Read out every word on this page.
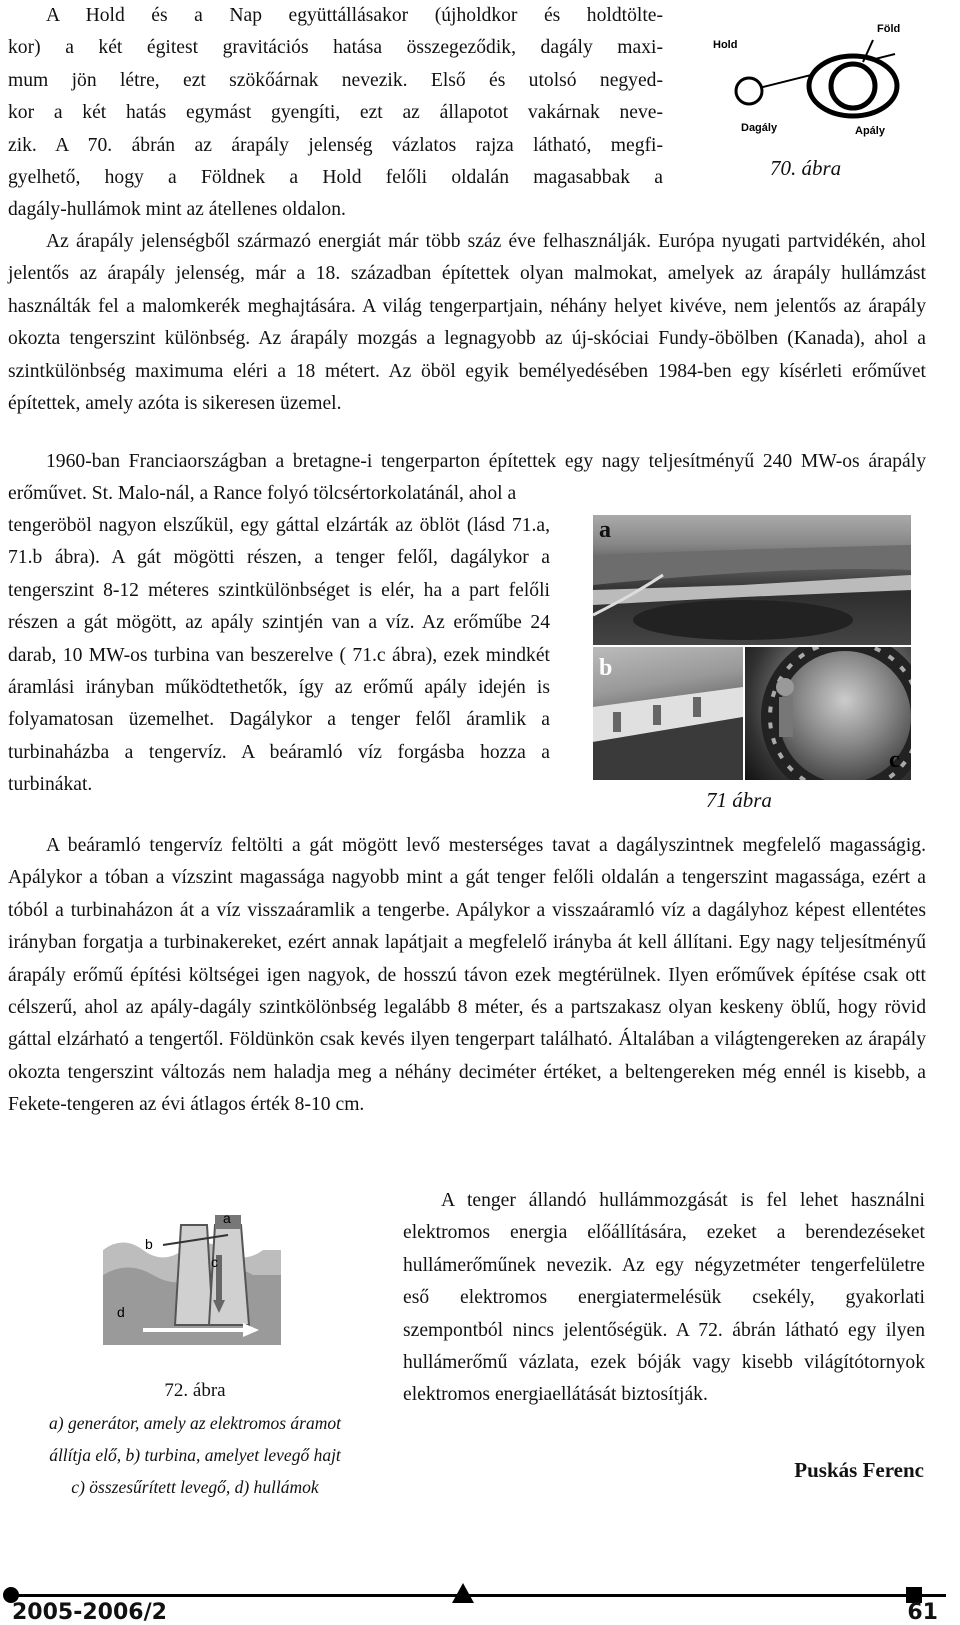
A Hold és a Nap együttállásakor (újholdkor és holdtölte-
kor) a két égitest gravitációs hatása összegeződik, dagály maxi-
mum jön létre, ezt szökőárnak nevezik. Első és utolsó negyed-
kor a két hatás egymást gyengíti, ezt az állapotot vakárnak neve-
zik. A 70. ábrán az árapály jelenség vázlatos rajza látható, megfi-
gyelhető, hogy a Földnek a Hold felőli oldalán magasabbak a
dagály-hullámok mint az átellenes oldalon.
Hold
Föld
Dagály	Apály
70. ábra

Az árapály jelenségből származó energiát már több száz éve felhasználják. Európa nyugati partvidékén, ahol jelentős az árapály jelenség, már a 18. században építettek olyan malmokat, amelyek az árapály hullámzást használták fel a malomkerék meghajtására. A világ tengerpartjain, néhány helyet kivéve, nem jelentős az árapály okozta tengerszint különbség. Az árapály mozgás a legnagyobb az új-skóciai Fundy-öbölben (Kanada), ahol a szintkülönbség maximuma eléri a 18 métert. Az öböl egyik bemélyedésében 1984-ben egy kísérleti erőművet építettek, amely azóta is sikeresen üzemel.

1960-ban Franciaországban a bretagne-i tengerparton építettek egy nagy teljesítményű 240 MW-os árapály erőművet. St. Malo-nál, a Rance folyó tölcsértorkolatánál, ahol a

tengeröböl nagyon elszűkül, egy gáttal elzárták az öblöt (lásd 71.a, 71.b ábra). A gát mögötti részen, a tenger felől, dagálykor a tengerszint 8-12 méteres szintkülönbséget is elér, ha a part felőli részen a gát mögött, az apály szintjén van a víz. Az erőműbe 24 darab, 10 MW-os turbina van beszerelve ( 71.c ábra), ezek mindkét áramlási irányban működtethetők, így az erőmű apály idején is folyamatosan üzemelhet. Dagálykor a tenger felől áramlik a turbinaházba a tengervíz. A beáramló víz forgásba hozza a turbinákat.

a
b
c
71 ábra

A beáramló tengervíz feltölti a gát mögött levő mesterséges tavat a dagályszintnek megfelelő magasságig. Apálykor a tóban a vízszint magassága nagyobb mint a gát tenger felőli oldalán a tengerszint magassága, ezért a tóból a turbinaházon át a víz visszaáramlik a tengerbe. Apálykor a visszaáramló víz a dagályhoz képest ellentétes irányban forgatja a turbinakereket, ezért annak lapátjait a megfelelő irányba át kell állítani. Egy nagy teljesítményű árapály erőmű építési költségei igen nagyok, de hosszú távon ezek megtérülnek. Ilyen erőművek építése csak ott célszerű, ahol az apály-dagály szintkölönbség legalább 8 méter, és a partszakasz olyan keskeny öblű, hogy rövid gáttal elzárható a tengertől. Földünkön csak kevés ilyen tengerpart található. Általában a világtengereken az árapály okozta tengerszint változás nem haladja meg a néhány deciméter értéket, a beltengereken még ennél is kisebb, a Fekete-tengeren az évi átlagos érték 8-10 cm.

a
b
c
d
72. ábra
a) generátor, amely az elektromos áramot
állítja elő, b) turbina, amelyet levegő hajt
c) összesűrített levegő, d) hullámok

A tenger állandó hullámmozgását is fel lehet használni elektromos energia előállítására, ezeket a berendezéseket hullámerőműnek nevezik. Az egy négyzetméter tengerfelületre eső elektromos energiatermelésük csekély, gyakorlati szempontból nincs jelentőségük. A 72. ábrán látható egy ilyen hullámerőmű vázlata, ezek bóják vagy kisebb világítótornyok elektromos energiaellátását biztosítják.

Puskás Ferenc
2005-2006/2	61
